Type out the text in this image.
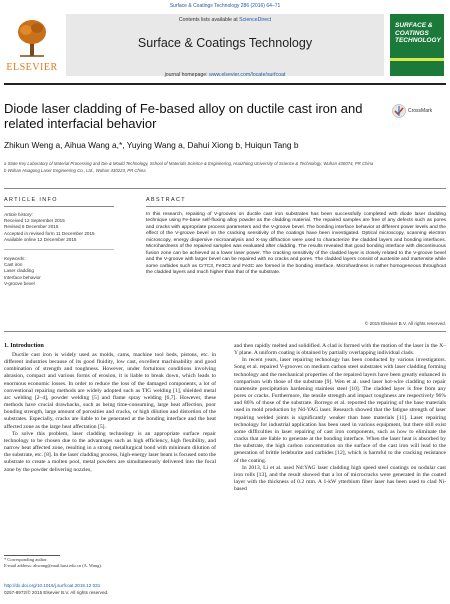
Surface & Coatings Technology 286 (2016) 64–71
ELSEVIER
Contents lists available at ScienceDirect
Surface & Coatings Technology
journal homepage: www.elsevier.com/locate/surfcoat
SURFACE & COATINGS TECHNOLOGY
Diode laser cladding of Fe-based alloy on ductile cast iron and related interfacial behavior
CrossMark
Zhikun Weng a, Aihua Wang a,*, Yuying Wang a, Dahui Xiong b, Huiqun Tang b
a State Key Laboratory of Material Processing and Die & Mould Technology, School of Materials Science & Engineering, Huazhong University of Science & Technology, Wuhan 430074, PR China
b Wuhan Huagong Laser Engineering Co., Ltd., Wuhan 430223, PR China
ARTICLE INFO	ABSTRACT
Article history:
Received 12 September 2015
Revised 6 December 2015
Accepted in revised form 11 December 2015
Available online 12 December 2015
Keywords:
Cast iron
Laser cladding
Interface behavior
V-groove bevel
In this research, repairing of V-grooves on ductile cast iron substrates has been successfully completed with diode laser cladding technique using Fe-base self-fluxing alloy powder as the cladding material. The repaired samples are free of any defects such as pores and cracks with appropriate process parameters and the V-groove bevel. The bonding interface behavior at different power levels and the effect of the V-groove bevel on the cracking sensitivity of the coatings have been investigated. Optical microscopy, scanning electron microscopy, energy dispersive microanalysis and X-ray diffraction were used to characterize the cladded layers and bonding interfaces. Microhardness of the repaired samples was evaluated after cladding. The results revealed that good bonding interface with discontinuous fusion zone can be achieved at a lower laser power. The cracking sensitivity of the cladded layer is closely related to the V-groove bevel and the V-groove with larger bevel can be repaired with no cracks and pores. The cladded layers consist of austenite and martensite while some carbides such as Cr7C3, Fe3C3 and Fe3C are formed in the bonding interface. Microhardness is rather homogeneous throughout the cladded layers and much higher than that of the substrate.
© 2015 Elsevier B.V. All rights reserved.
1. Introduction

Ductile cast iron is widely used as molds, cams, machine tool beds, pistons, etc. in different industries because of its good fluidity, low cast, excellent machinability and good combination of strength and toughness. However, under fortuitous conditions involving abrasion, compact and various forms of erosion, it is liable to break down, which leads to enormous economic losses. In order to reduce the loss of the damaged components, a lot of conventional repairing methods are widely adopted such as TIG welding [1], shielded metal arc welding [2–4], powder welding [5] and flame spray welding [6,7]. However, these methods have crucial drawbacks, such as being time-consuming, large heat affection, poor bonding strength, large amount of porosities and cracks, or high dilution and distortion of the substrates. Especially, cracks are liable to be generated at the bonding interface and the heat affected zone as the large heat affectation [5].

To solve this problem, laser cladding technology is an appropriate surface repair technology to be chosen due to the advantages such as high efficiency, high flexibility, and narrow heat affected zone, resulting in a strong metallurgical bond with minimum dilution of the substrate, etc. [8]. In the laser cladding process, high-energy laser beam is focused onto the substrate to create a molten pool, metal powders are simultaneously delivered into the focal zone by the powder delivering nozzles,

and then rapidly melted and solidified. A clad is formed with the motion of the laser in the X–Y plane. A uniform coating is obtained by partially overlapping individual clads.

In recent years, laser repairing technology has been conducted by various investigators. Song et al. repaired V-grooves on medium carbon steel substrates with laser cladding forming technology and the mechanical properties of the repaired layers have been greatly enhanced in comparison with those of the substrate [9]. Wen et al. used laser hot-wire cladding to repair martensite precipitation hardening stainless steel [10]. The cladded layer is free from any pores or cracks. Furthermore, the tensile strength and impact toughness are respectively 96% and 86% of those of the substrate. Borrego et al. reported the repairing of the base materials used in mold production by Nd-YAG laser. Research showed that the fatigue strength of laser repairing welded joints is significantly weaker than base materials [11]. Laser repairing technology for industrial application has been used in various equipment, but there still exist some difficulties in laser repairing of cast iron components, such as how to eliminate the cracks that are liable to generate at the bonding interface. When the laser heat is absorbed by the substrate, the high carbon concentration on the surface of the cast iron will lead to the generation of brittle ledeburite and carbides [12], which is harmful to the cracking resistance of the coating.

In 2013, Li et al. used Nd:YAG laser cladding high speed steel coatings on nodular cast iron rolls [13], and the result showed that a lot of microcracks were generated in the coated layer with the thickness of 0.2 mm. A 1-kW ytterbium fiber laser has been used to clad Ni-based

* Corresponding author.
E-mail address: ahwang@mail.hust.edu.cn (A. Wang).
http://dx.doi.org/10.1016/j.surfcoat.2015.12.031
0257-8972/© 2015 Elsevier B.V. All rights reserved.
